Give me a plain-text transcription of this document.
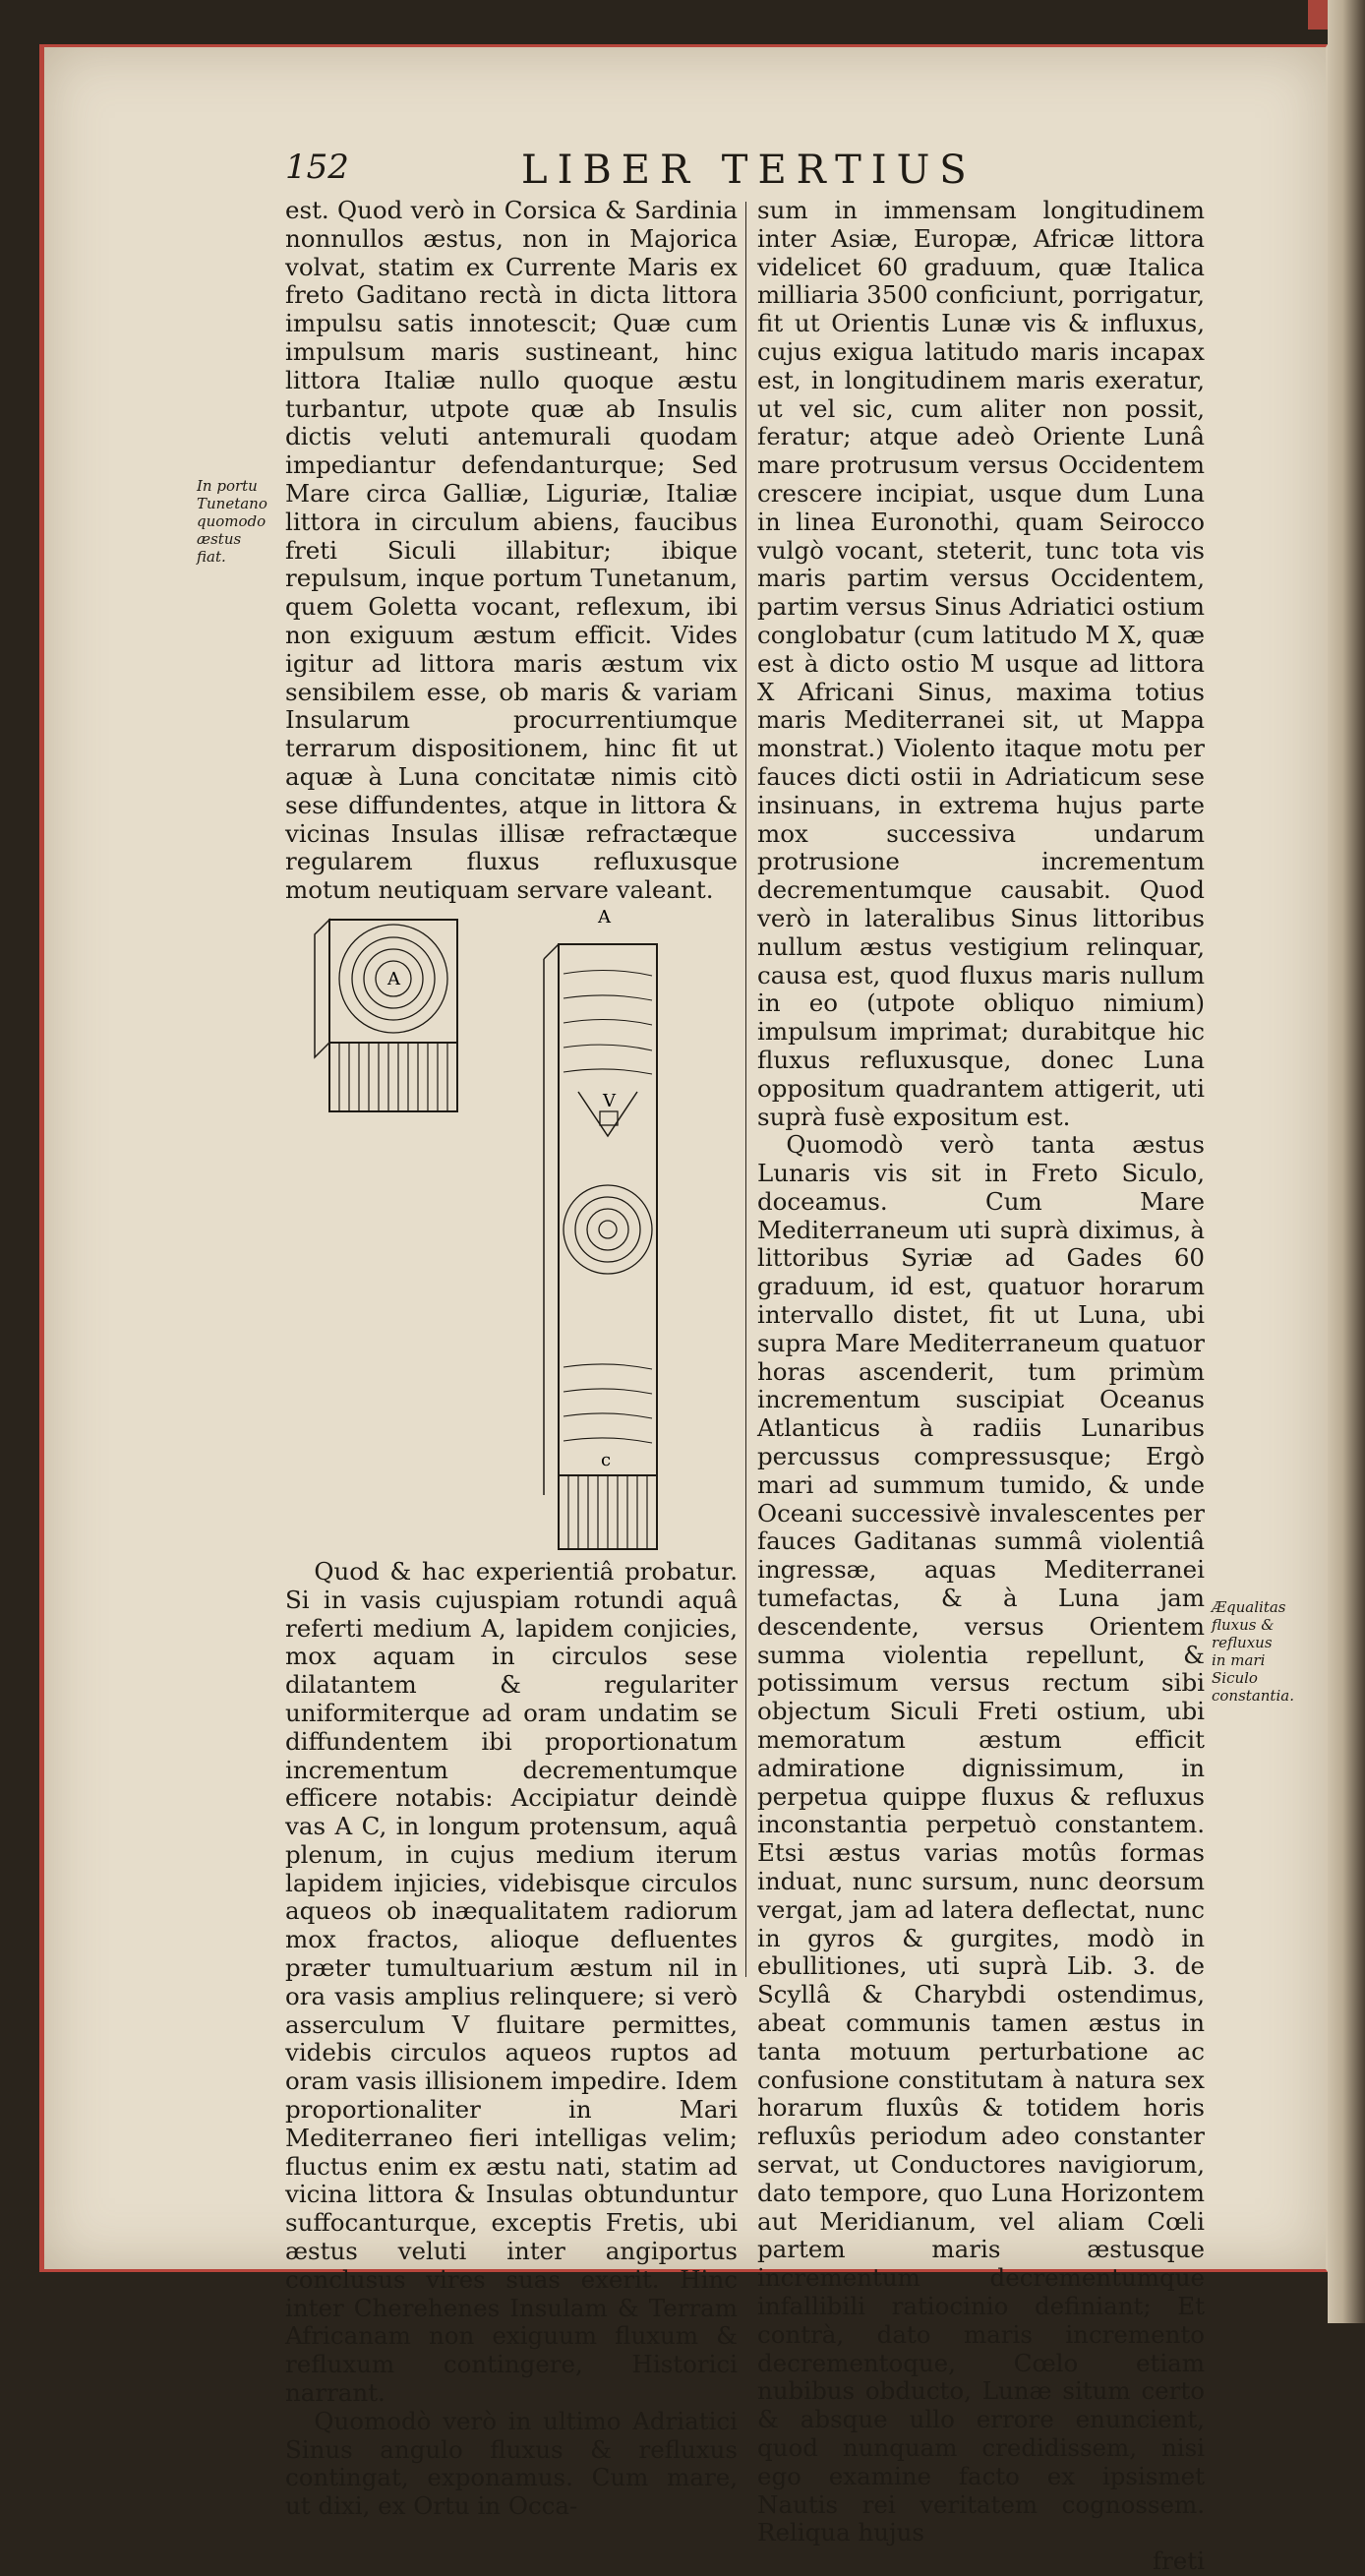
152	LIBER TERTIUS
In portu Tunetano quomodo æstus fiat.
Æqualitas fluxus & refluxus in mari Siculo constantia.

est. Quod verò in Corsica & Sardinia nonnullos æstus, non in Majorica volvat, statim ex Currente Maris ex freto Gaditano rectà in dicta littora impulsu satis innotescit; Quæ cum impulsum maris sustineant, hinc littora Italiæ nullo quoque æstu turbantur, utpote quæ ab Insulis dictis veluti antemurali quodam impediantur defendanturque; Sed Mare circa Galliæ, Liguriæ, Italiæ littora in circulum abiens, faucibus freti Siculi illabitur; ibique repulsum, inque portum Tunetanum, quem Goletta vocant, reflexum, ibi non exiguum æstum efficit. Vides igitur ad littora maris æstum vix sensibilem esse, ob maris & variam Insularum procurrentiumque terrarum dispositionem, hinc fit ut aquæ à Luna concitatæ nimis citò sese diffundentes, atque in littora & vicinas Insulas illisæ refractæque regularem fluxus refluxusque motum neutiquam servare valeant.

A
A
V
c

Quod & hac experientiâ probatur. Si in vasis cujuspiam rotundi aquâ referti medium A, lapidem conjicies, mox aquam in circulos sese dilatantem & regulariter uniformiterque ad oram undatim se diffundentem ibi proportionatum incrementum decrementumque efficere notabis: Accipiatur deindè vas A C, in longum protensum, aquâ plenum, in cujus medium iterum lapidem injicies, videbisque circulos aqueos ob inæqualitatem radiorum mox fractos, alioque defluentes præter tumultuarium æstum nil in ora vasis amplius relinquere; si verò asserculum V fluitare permittes, videbis circulos aqueos ruptos ad oram vasis illisionem impedire. Idem proportionaliter in Mari Mediterraneo fieri intelligas velim; fluctus enim ex æstu nati, statim ad vicina littora & Insulas obtunduntur suffocanturque, exceptis Fretis, ubi æstus veluti inter angiportus conclusus vires suas exerit. Hinc inter Cherehenes Insulam & Terram Africanam non exiguum fluxum & refluxum contingere, Historici narrant.

Quomodò verò in ultimo Adriatici Sinus angulo fluxus & refluxus contingat, exponamus. Cum mare, ut dixi, ex Ortu in Occa-

sum in immensam longitudinem inter Asiæ, Europæ, Africæ littora videlicet 60 graduum, quæ Italica milliaria 3500 conficiunt, porrigatur, fit ut Orientis Lunæ vis & influxus, cujus exigua latitudo maris incapax est, in longitudinem maris exeratur, ut vel sic, cum aliter non possit, feratur; atque adeò Oriente Lunâ mare protrusum versus Occidentem crescere incipiat, usque dum Luna in linea Euronothi, quam Seirocco vulgò vocant, steterit, tunc tota vis maris partim versus Occidentem, partim versus Sinus Adriatici ostium conglobatur (cum latitudo M X, quæ est à dicto ostio M usque ad littora X Africani Sinus, maxima totius maris Mediterranei sit, ut Mappa monstrat.) Violento itaque motu per fauces dicti ostii in Adriaticum sese insinuans, in extrema hujus parte mox successiva undarum protrusione incrementum decrementumque causabit. Quod verò in lateralibus Sinus littoribus nullum æstus vestigium relinquar, causa est, quod fluxus maris nullum in eo (utpote obliquo nimium) impulsum imprimat; durabitque hic fluxus refluxusque, donec Luna oppositum quadrantem attigerit, uti suprà fusè expositum est.

Quomodò verò tanta æstus Lunaris vis sit in Freto Siculo, doceamus. Cum Mare Mediterraneum uti suprà diximus, à littoribus Syriæ ad Gades 60 graduum, id est, quatuor horarum intervallo distet, fit ut Luna, ubi supra Mare Mediterraneum quatuor horas ascenderit, tum primùm incrementum suscipiat Oceanus Atlanticus à radiis Lunaribus percussus compressusque; Ergò mari ad summum tumido, & unde Oceani successivè invalescentes per fauces Gaditanas summâ violentiâ ingressæ, aquas Mediterranei tumefactas, & à Luna jam descendente, versus Orientem summa violentia repellunt, & potissimum versus rectum sibi objectum Siculi Freti ostium, ubi memoratum æstum efficit admiratione dignissimum, in perpetua quippe fluxus & refluxus inconstantia perpetuò constantem. Etsi æstus varias motûs formas induat, nunc sursum, nunc deorsum vergat, jam ad latera deflectat, nunc in gyros & gurgites, modò in ebullitiones, uti suprà Lib. 3. de Scyllâ & Charybdi ostendimus, abeat communis tamen æstus in tanta motuum perturbatione ac confusione constitutam à natura sex horarum fluxûs & totidem horis refluxûs periodum adeo constanter servat, ut Conductores navigiorum, dato tempore, quo Luna Horizontem aut Meridianum, vel aliam Cœli partem maris æstusque incrementum decrementumque infallibili ratiocinio definiant; Et contrà, dato maris incremento decrementoque, Cœlo etiam nubibus obducto, Lunæ situm certo & absque ullo errore enuncient, quod nunquam credidissem, nisi ego examine facto ex ipsismet Nautis rei veritatem cognossem. Reliqua hujus

freti
